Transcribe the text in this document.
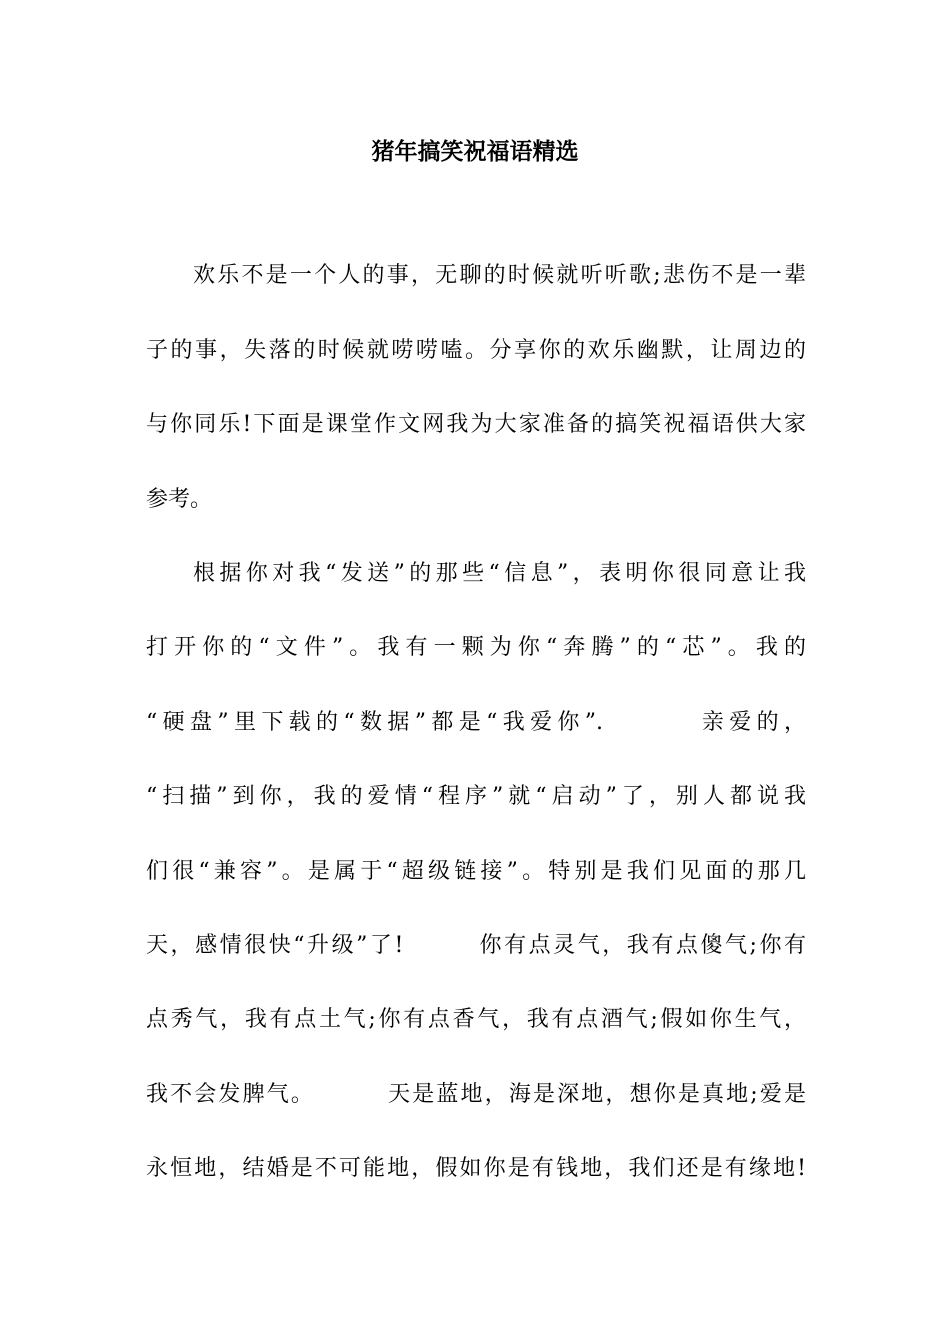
猪年搞笑祝福语精选
欢乐不是一个人的事，无聊的时候就听听歌;悲伤不是一辈
子的事，失落的时候就唠唠嗑。分享你的欢乐幽默，让周边的
与你同乐!下面是课堂作文网我为大家准备的搞笑祝福语供大家
参考。
根据你对我“发送”的那些“信息”，表明你很同意让我
打开你的“文件”。我有一颗为你“奔腾”的“芯”。我的
“硬盘”里下载的“数据”都是“我爱你”.        亲爱的，
“扫描”到你，我的爱情“程序”就“启动”了，别人都说我
们很“兼容”。是属于“超级链接”。特别是我们见面的那几
天，感情很快“升级”了!        你有点灵气，我有点傻气;你有
点秀气，我有点土气;你有点香气，我有点酒气;假如你生气，
我不会发脾气。        天是蓝地，海是深地，想你是真地;爱是
永恒地，结婚是不可能地，假如你是有钱地，我们还是有缘地!
